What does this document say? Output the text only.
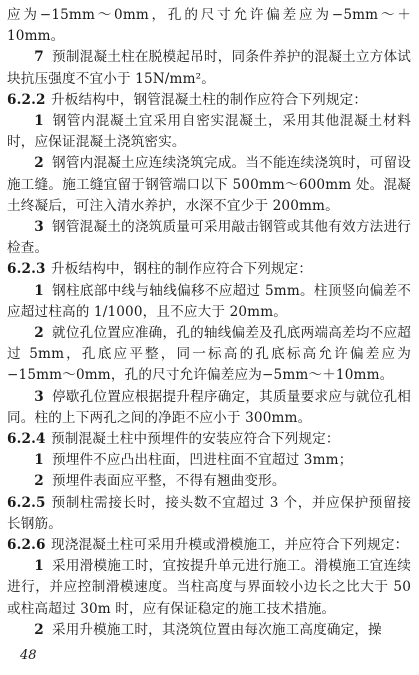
应为−15mm～0mm，孔的尺寸允许偏差应为−5mm～＋10mm。

7 预制混凝土柱在脱模起吊时，同条件养护的混凝土立方体试块抗压强度不宜小于 15N/mm²。

6.2.2 升板结构中，钢管混凝土柱的制作应符合下列规定：

1 钢管内混凝土宜采用自密实混凝土，采用其他混凝土材料时，应保证混凝土浇筑密实。

2 钢管内混凝土应连续浇筑完成。当不能连续浇筑时，可留设施工缝。施工缝宜留于钢管端口以下 500mm～600mm 处。混凝土终凝后，可注入清水养护，水深不宜少于 200mm。

3 钢管混凝土的浇筑质量可采用敲击钢管或其他有效方法进行检查。

6.2.3 升板结构中，钢柱的制作应符合下列规定：

1 钢柱底部中线与轴线偏移不应超过 5mm。柱顶竖向偏差不应超过柱高的 1/1000，且不应大于 20mm。

2 就位孔位置应准确，孔的轴线偏差及孔底两端高差均不应超过 5mm，孔底应平整，同一标高的孔底标高允许偏差应为−15mm～0mm，孔的尺寸允许偏差应为−5mm～＋10mm。

3 停歇孔位置应根据提升程序确定，其质量要求应与就位孔相同。柱的上下两孔之间的净距不应小于 300mm。

6.2.4 预制混凝土柱中预埋件的安装应符合下列规定：

1 预埋件不应凸出柱面，凹进柱面不宜超过 3mm；

2 预埋件表面应平整，不得有翘曲变形。

6.2.5 预制柱需接长时，接头数不宜超过 3 个，并应保护预留接长钢筋。

6.2.6 现浇混凝土柱可采用升模或滑模施工，并应符合下列规定：

1 采用滑模施工时，宜按提升单元进行施工。滑模施工宜连续进行，并应控制滑模速度。当柱高度与界面较小边长之比大于 50 或柱高超过 30m 时，应有保证稳定的施工技术措施。

2 采用升模施工时，其浇筑位置由每次施工高度确定，操

48
